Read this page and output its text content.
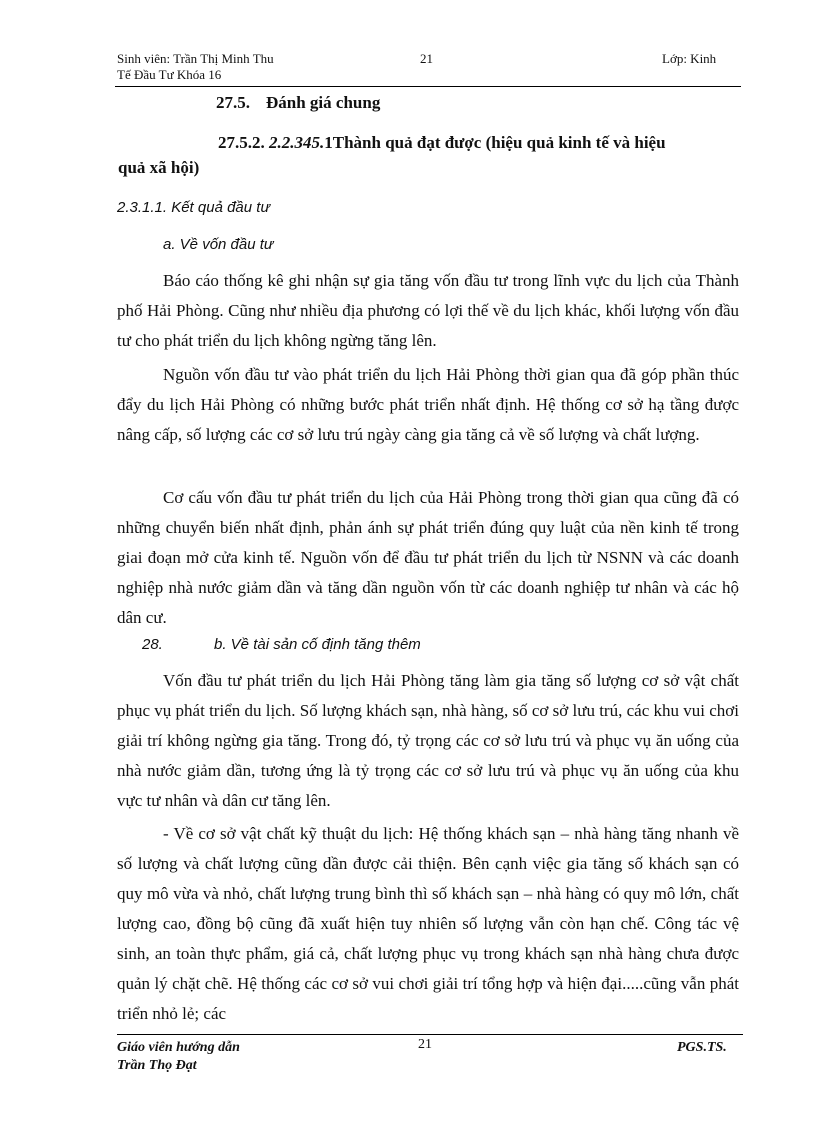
Sinh viên: Trần Thị Minh Thu
Tế Đầu Tư Khóa 16
21	Lớp: Kinh
27.5. Đánh giá chung
27.5.2. 2.2.345.1Thành quả đạt được (hiệu quả kinh tế và hiệu
quả xã hội)
2.3.1.1. Kết quả đầu tư
a. Về vốn đầu tư

Báo cáo thống kê ghi nhận sự gia tăng vốn đầu tư trong lĩnh vực du lịch của Thành phố Hải Phòng. Cũng như nhiều địa phương có lợi thế về du lịch khác, khối lượng vốn đầu tư cho phát triển du lịch không ngừng tăng lên.

Nguồn vốn đầu tư vào phát triển du lịch Hải Phòng thời gian qua đã góp phần thúc đẩy du lịch Hải Phòng có những bước phát triển nhất định. Hệ thống cơ sở hạ tầng được nâng cấp, số lượng các cơ sở lưu trú ngày càng gia tăng cả về số lượng và chất lượng.

Cơ cấu vốn đầu tư phát triển du lịch của Hải Phòng trong thời gian qua cũng đã có những chuyển biến nhất định, phản ánh sự phát triển đúng quy luật của nền kinh tế trong giai đoạn mở cửa kinh tế. Nguồn vốn để đầu tư phát triển du lịch từ NSNN và các doanh nghiệp nhà nước giảm dần và tăng dần nguồn vốn từ các doanh nghiệp tư nhân và các hộ dân cư.

28.	b. Về tài sản cố định tăng thêm

Vốn đầu tư phát triển du lịch Hải Phòng tăng làm gia tăng số lượng cơ sở vật chất phục vụ phát triển du lịch. Số lượng khách sạn, nhà hàng, số cơ sở lưu trú, các khu vui chơi giải trí không ngừng gia tăng. Trong đó, tỷ trọng các cơ sở lưu trú và phục vụ ăn uống của nhà nước giảm dần, tương ứng là tỷ trọng các cơ sở lưu trú và phục vụ ăn uống của khu vực tư nhân và dân cư tăng lên.

- Về cơ sở vật chất kỹ thuật du lịch: Hệ thống khách sạn – nhà hàng tăng nhanh về số lượng và chất lượng cũng dần được cải thiện. Bên cạnh việc gia tăng số khách sạn có quy mô vừa và nhỏ, chất lượng trung bình thì số khách sạn – nhà hàng có quy mô lớn, chất lượng cao, đồng bộ cũng đã xuất hiện tuy nhiên số lượng vẫn còn hạn chế. Công tác vệ sinh, an toàn thực phẩm, giá cả, chất lượng phục vụ trong khách sạn nhà hàng chưa được quản lý chặt chẽ. Hệ thống các cơ sở vui chơi giải trí tổng hợp và hiện đại.....cũng vẫn phát triển nhỏ lẻ; các

Giáo viên hướng dẫn
Trần Thọ Đạt
21	PGS.TS.
